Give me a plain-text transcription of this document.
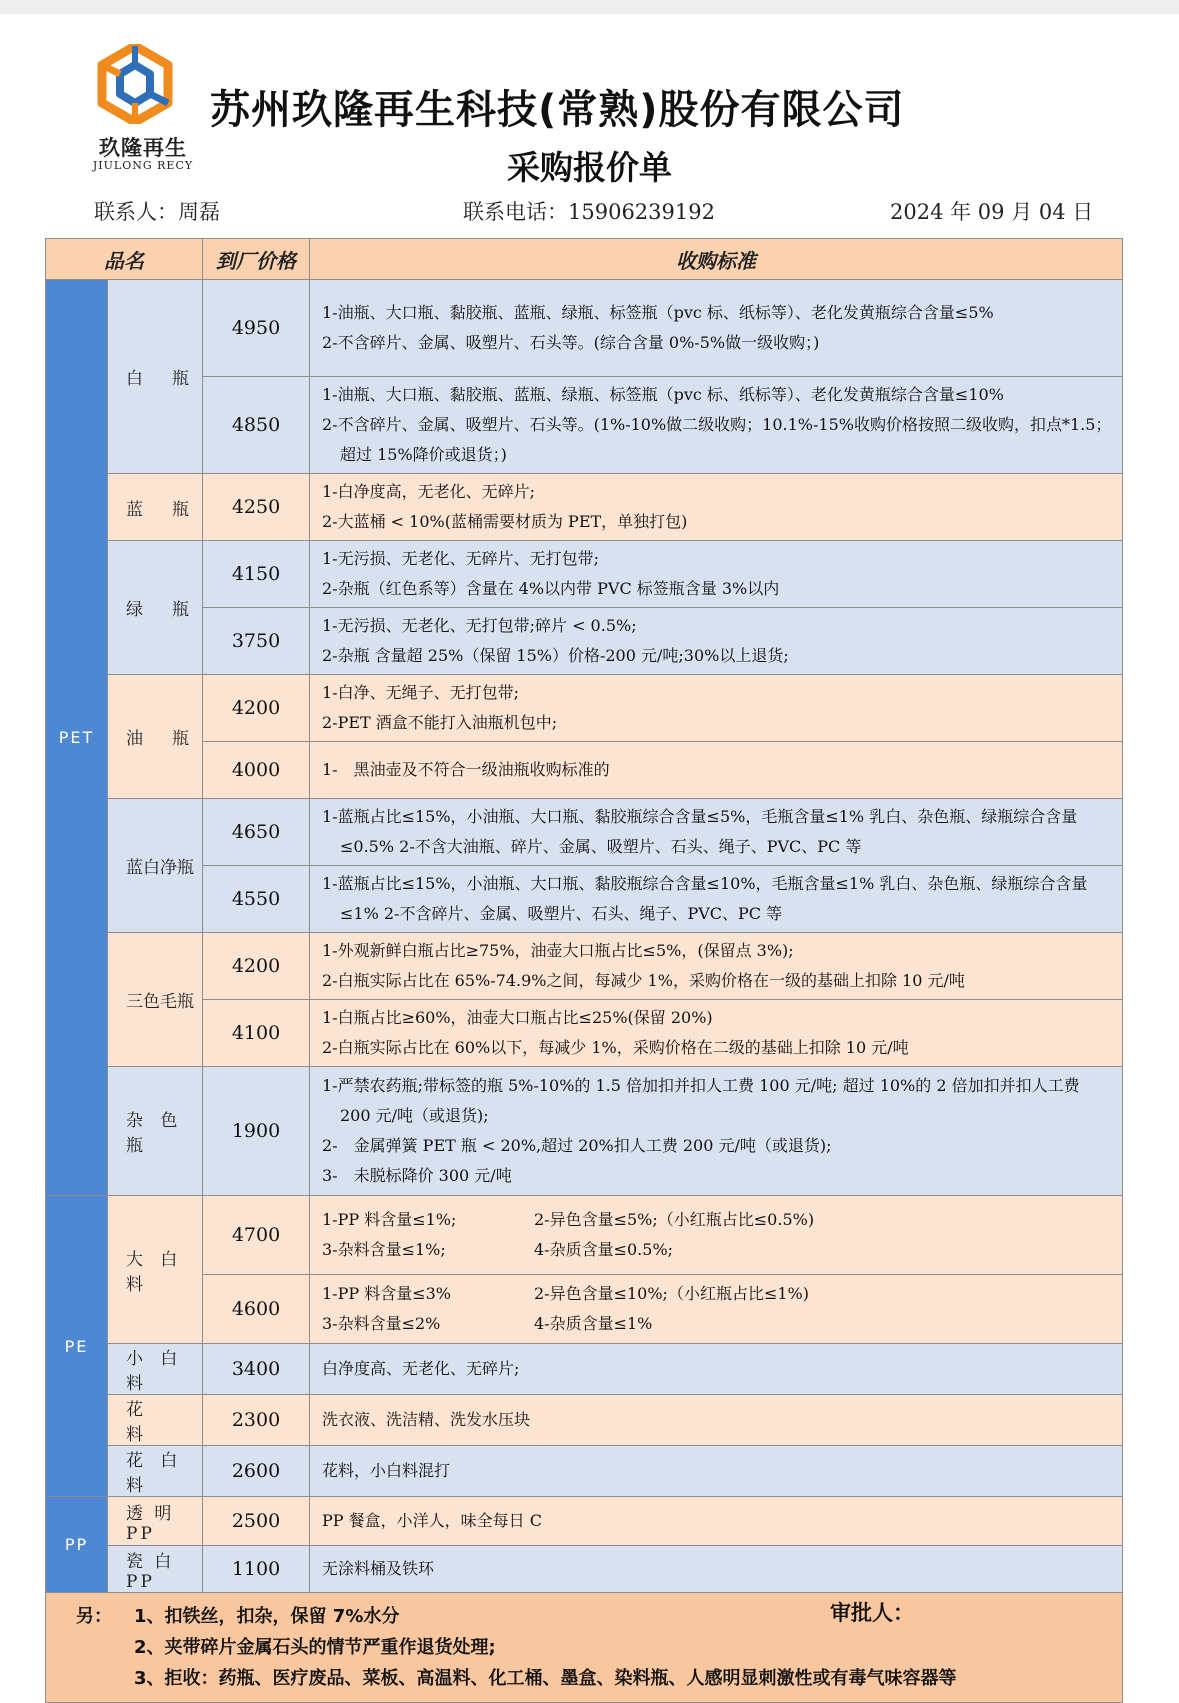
玖隆再生
JIULONG RECY
苏州玖隆再生科技(常熟)股份有限公司
采购报价单
联系人：周磊	联系电话：15906239192	2024 年 09 月 04 日
品名		到厂价格	收购标准
PET	白　瓶	4950	1-油瓶、大口瓶、黏胶瓶、蓝瓶、绿瓶、标签瓶（pvc 标、纸标等）、老化发黄瓶综合含量≤5%
2-不含碎片、金属、吸塑片、石头等。(综合含量 0%-5%做一级收购；)

		4850	1-油瓶、大口瓶、黏胶瓶、蓝瓶、绿瓶、标签瓶（pvc 标、纸标等）、老化发黄瓶综合含量≤10%
2-不含碎片、金属、吸塑片、石头等。(1%-10%做二级收购；10.1%-15%收购价格按照二级收购，扣点*1.5；超过 15%降价或退货；)

	蓝　瓶	4250	1-白净度高，无老化、无碎片;
2-大蓝桶 < 10%(蓝桶需要材质为 PET，单独打包)

	绿　瓶	4150	1-无污损、无老化、无碎片、无打包带;
2-杂瓶（红色系等）含量在 4%以内带 PVC 标签瓶含量 3%以内

		3750	1-无污损、无老化、无打包带;碎片 < 0.5%;
2-杂瓶 含量超 25%（保留 15%）价格-200 元/吨;30%以上退货;

	油　瓶	4200	1-白净、无绳子、无打包带;
2-PET 酒盒不能打入油瓶机包中;

		4000	1-　黑油壶及不符合一级油瓶收购标准的

	蓝白净瓶	4650	1-蓝瓶占比≤15%，小油瓶、大口瓶、黏胶瓶综合含量≤5%，毛瓶含量≤1% 乳白、杂色瓶、绿瓶综合含量≤0.5% 2-不含大油瓶、碎片、金属、吸塑片、石头、绳子、PVC、PC 等

		4550	1-蓝瓶占比≤15%，小油瓶、大口瓶、黏胶瓶综合含量≤10%，毛瓶含量≤1% 乳白、杂色瓶、绿瓶综合含量≤1% 2-不含碎片、金属、吸塑片、石头、绳子、PVC、PC 等

	三色毛瓶	4200	1-外观新鲜白瓶占比≥75%，油壶大口瓶占比≤5%，(保留点 3%);
2-白瓶实际占比在 65%-74.9%之间，每减少 1%，采购价格在一级的基础上扣除 10 元/吨

		4100	1-白瓶占比≥60%，油壶大口瓶占比≤25%(保留 20%)
2-白瓶实际占比在 60%以下，每减少 1%，采购价格在二级的基础上扣除 10 元/吨

	杂 色 瓶	1900	1-严禁农药瓶;带标签的瓶 5%-10%的 1.5 倍加扣并扣人工费 100 元/吨; 超过 10%的 2 倍加扣并扣人工费 200 元/吨（或退货);
2-　金属弹簧 PET 瓶 < 20%,超过 20%扣人工费 200 元/吨（或退货);
3-　未脱标降价 300 元/吨

PE	大 白 料	4700	1-PP 料含量≤1%; 2-异色含量≤5%;（小红瓶占比≤0.5%)
3-杂料含量≤1%; 4-杂质含量≤0.5%;

		4600	1-PP 料含量≤3% 2-异色含量≤10%;（小红瓶占比≤1%)
3-杂料含量≤2% 4-杂质含量≤1%

	小 白 料	3400	白净度高、无老化、无碎片;
	花　 料	2300	洗衣液、洗洁精、洗发水压块
	花 白 料	2600	花料，小白料混打
PP	透 明 PP	2500	PP 餐盒，小洋人，味全每日 C
	瓷 白 PP	1100	无涂料桶及铁环

另： 1、扣铁丝，扣杂，保留 7%水分
2、夹带碎片金属石头的情节严重作退货处理;
3、拒收：药瓶、医疗废品、菜板、高温料、化工桶、墨盒、染料瓶、人感明显刺激性或有毒气味容器等			
审批人：
